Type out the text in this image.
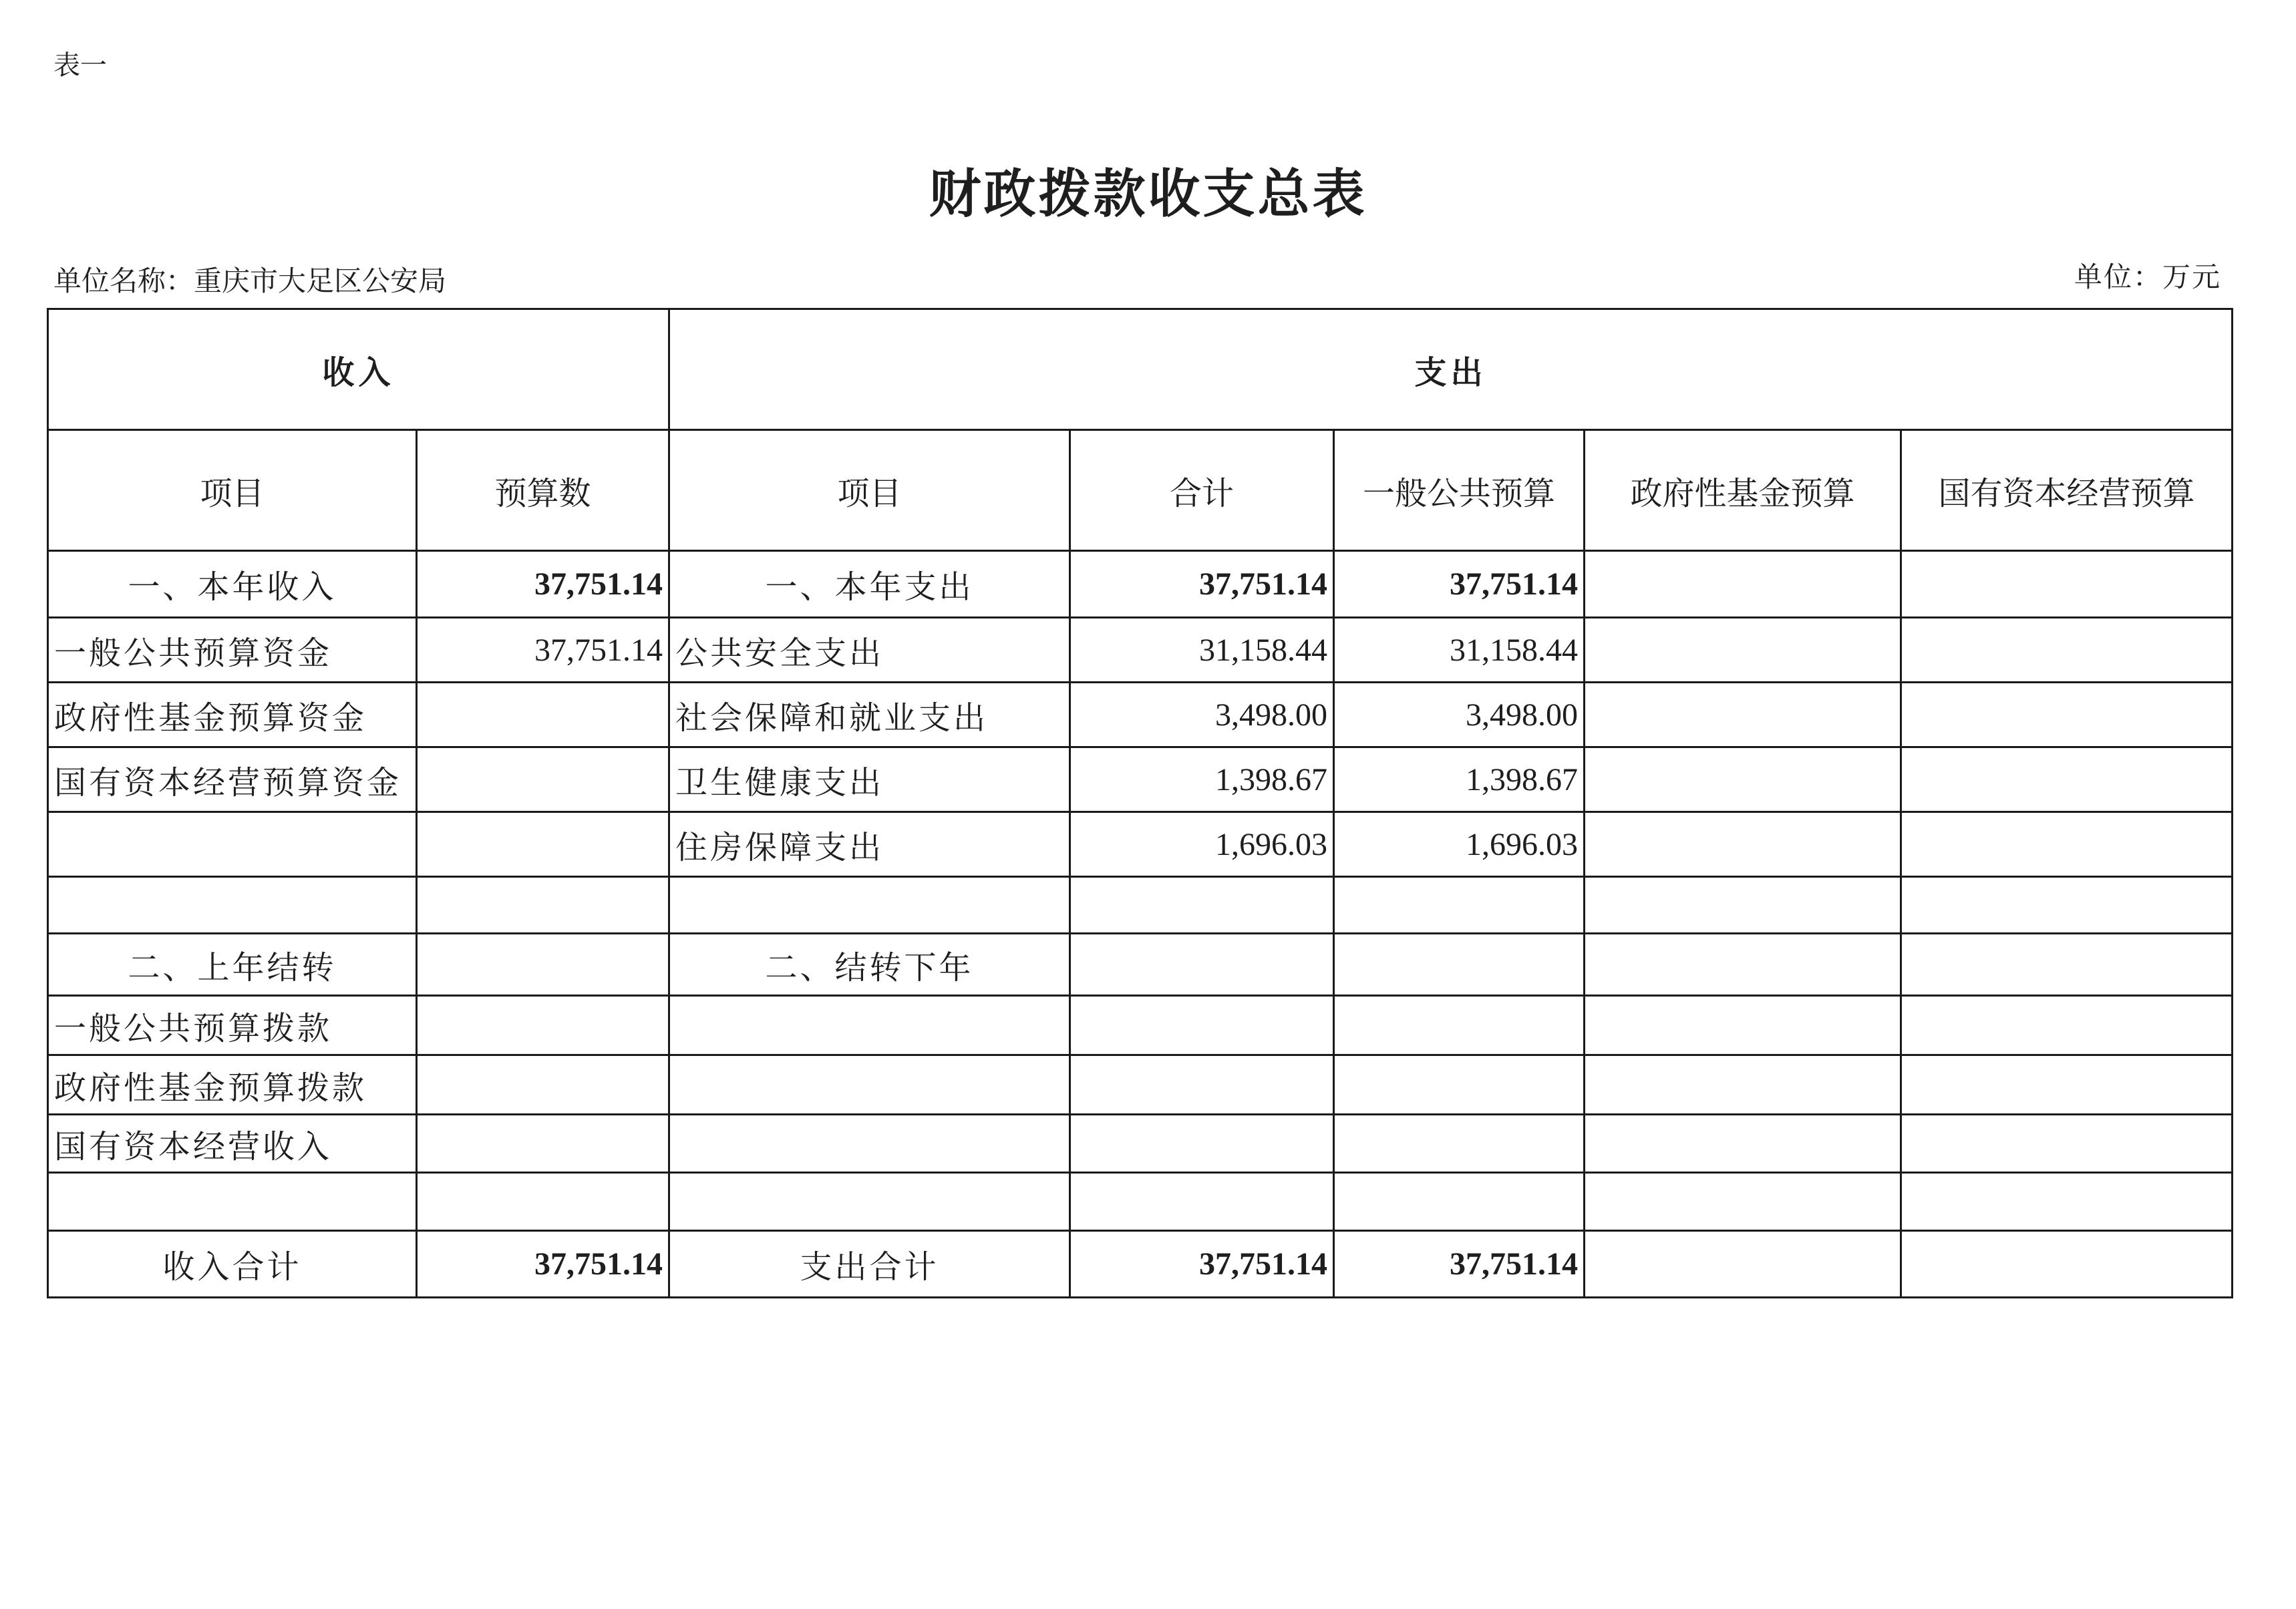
表一
财政拨款收支总表
单位名称：重庆市大足区公安局	单位：万元
收入		支出				
项目	预算数	项目	合计	一般公共预算	政府性基金预算	国有资本经营预算
一、本年收入	37,751.14	一、本年支出	37,751.14	37,751.14		
一般公共预算资金	37,751.14	公共安全支出	31,158.44	31,158.44		
政府性基金预算资金		社会保障和就业支出	3,498.00	3,498.00		
国有资本经营预算资金		卫生健康支出	1,398.67	1,398.67		
		住房保障支出	1,696.03	1,696.03		

二、上年结转		二、结转下年				
一般公共预算拨款						
政府性基金预算拨款						
国有资本经营收入						

收入合计	37,751.14	支出合计	37,751.14	37,751.14		
